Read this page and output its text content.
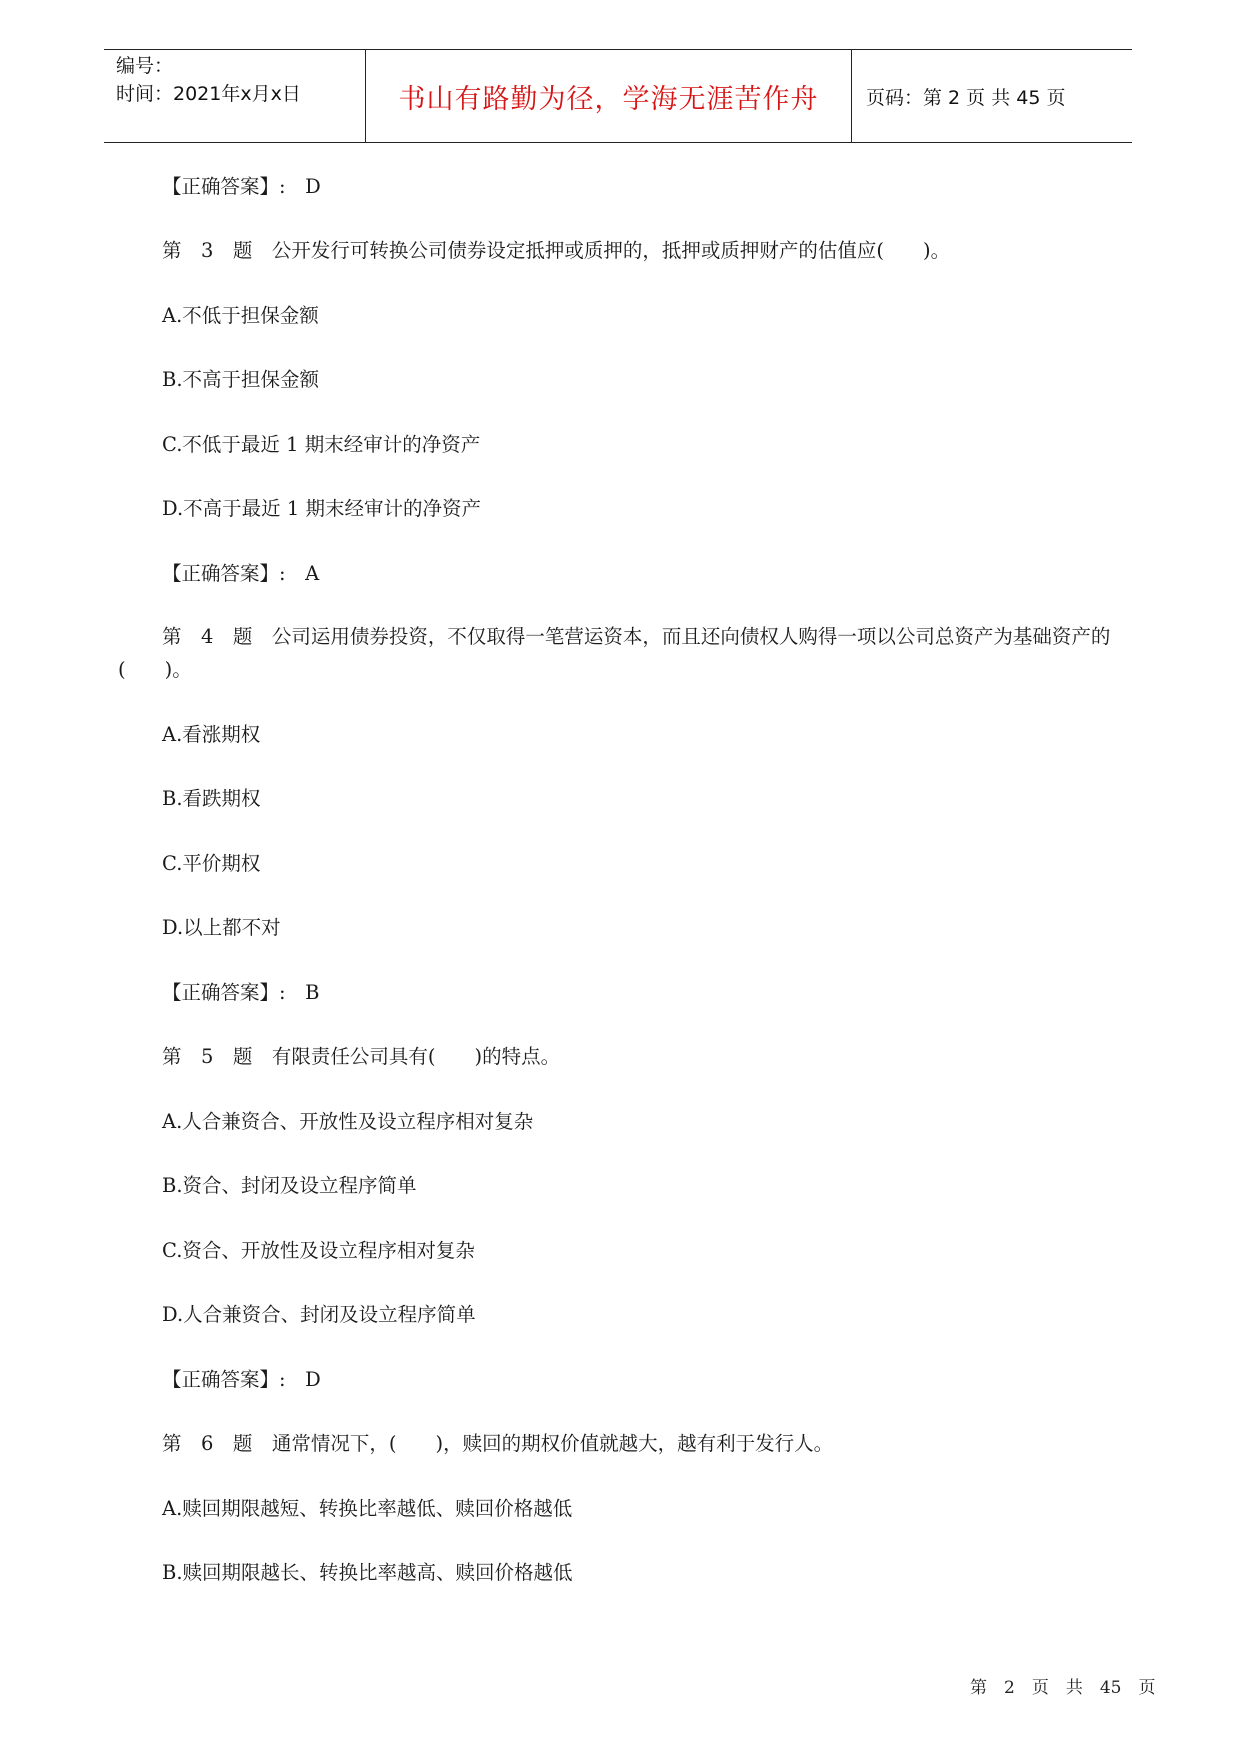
编号：
时间：2021年x月x日	书山有路勤为径，学海无涯苦作舟	页码：第 2 页 共 45 页
【正确答案】:　D
第　3　题　公开发行可转换公司债券设定抵押或质押的，抵押或质押财产的估值应(　　)。
A.不低于担保金额
B.不高于担保金额
C.不低于最近 1 期末经审计的净资产
D.不高于最近 1 期末经审计的净资产
【正确答案】:　A
第　4　题　公司运用债券投资，不仅取得一笔营运资本，而且还向债权人购得一项以公司总资产为基础资产的(　　)。
A.看涨期权
B.看跌期权
C.平价期权
D.以上都不对
【正确答案】:　B
第　5　题　有限责任公司具有(　　)的特点。
A.人合兼资合、开放性及设立程序相对复杂
B.资合、封闭及设立程序简单
C.资合、开放性及设立程序相对复杂
D.人合兼资合、封闭及设立程序简单
【正确答案】:　D
第　6　题　通常情况下，(　　)，赎回的期权价值就越大，越有利于发行人。
A.赎回期限越短、转换比率越低、赎回价格越低
B.赎回期限越长、转换比率越高、赎回价格越低
第　2　页　共　45　页
